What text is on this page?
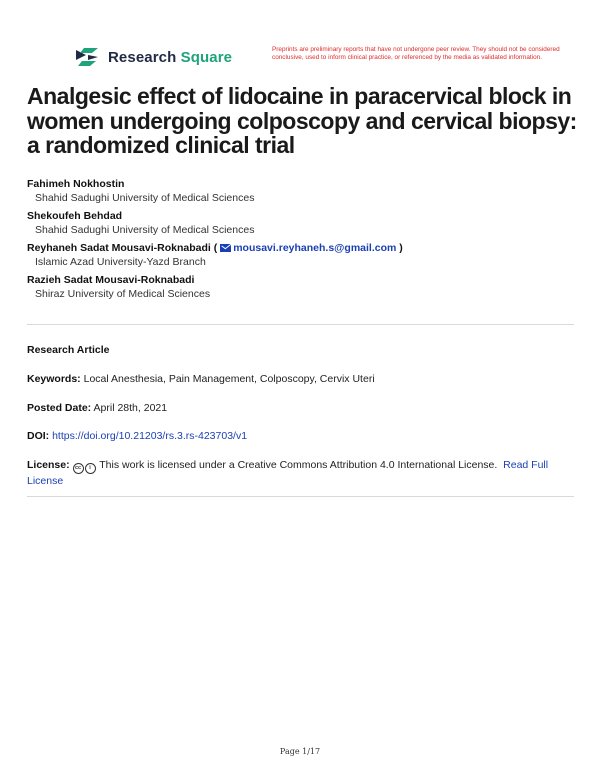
Research Square	Preprints are preliminary reports that have not undergone peer review. They should not be considered conclusive, used to inform clinical practice, or referenced by the media as validated information.
Analgesic effect of lidocaine in paracervical block in women undergoing colposcopy and cervical biopsy: a randomized clinical trial
Fahimeh Nokhostin
Shahid Sadughi University of Medical Sciences
Shekoufeh Behdad
Shahid Sadughi University of Medical Sciences
Reyhaneh Sadat Mousavi-Roknabadi ( mousavi.reyhaneh.s@gmail.com )
Islamic Azad University-Yazd Branch
Razieh Sadat Mousavi-Roknabadi
Shiraz University of Medical Sciences
Research Article
Keywords: Local Anesthesia, Pain Management, Colposcopy, Cervix Uteri
Posted Date: April 28th, 2021
DOI: https://doi.org/10.21203/rs.3.rs-423703/v1
License: cc i This work is licensed under a Creative Commons Attribution 4.0 International License. Read Full License
Page 1/17
